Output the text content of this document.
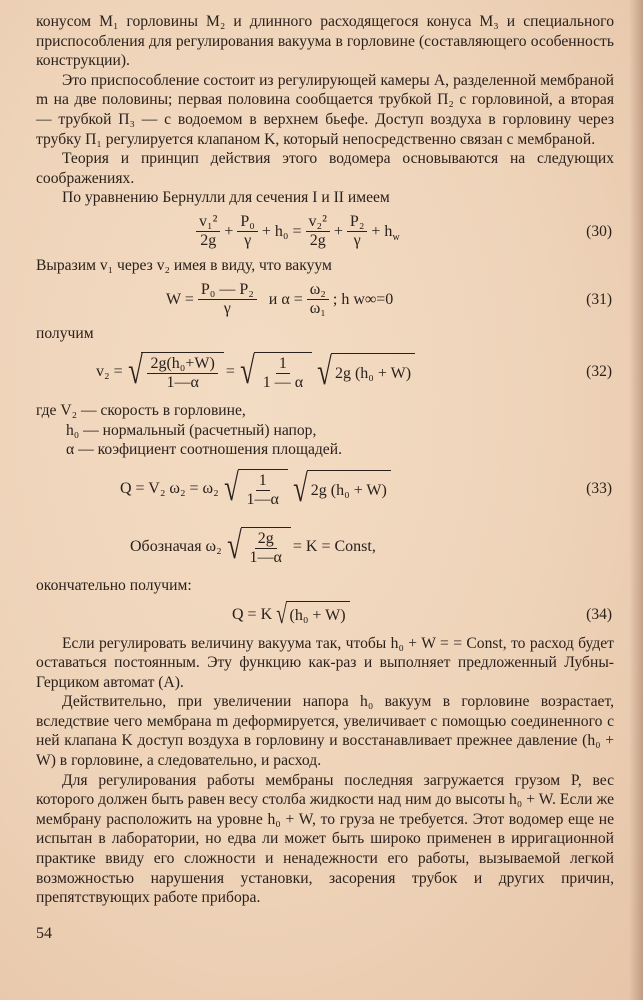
конусом M₁ горловины M₂ и длинного расходящегося конуса M₃ и специального приспособления для регулирования вакуума в горловине (составляющего особенность конструкции).

Это приспособление состоит из регулирующей камеры A, разделенной мембраной m на две половины; первая половина сообщается трубкой П₂ с горловиной, а вторая — трубкой П₃ — с водоемом в верхнем бьефе. Доступ воздуха в горловину через трубку П₁ регулируется клапаном K, который непосредственно связан с мембраной.

Теория и принцип действия этого водомера основываются на следующих соображениях.

По уравнению Бернулли для сечения I и II имеем

$\frac{\text{v₁²}}{2g} + \frac{\text{P₀}}{\gamma} + h_0 = \frac{\text{v₂²}}{2g} + \frac{\text{P₂}}{\gamma} + h_w$	(30)

Выразим v₁ через v₂ имея в виду, что вакуум

$W = \frac{\text{P₀ — P₂}}{\gamma}$ и $\alpha = \frac{\text{ω₂}}{\text{ω₁}}$ ; h w∞=0	(31)

получим

v₂ = √ $\frac{\text{2g(h₀+W)}}{1—\alpha}$ = √ $\frac{1}{1 — \alpha}$ √ 2g (h₀ + W)	(32)

где V₂ — скорость в горловине,

h₀ — нормальный (расчетный) напор,

α — коэфициент соотношения площадей.

Q = V₂ ω₂ = ω₂ √ $\frac{1}{1—\alpha}$ √ 2g (h₀ + W)	(33)
Обозначая ω₂ √ $\frac{2g}{1—\alpha} = K$ = Const,

окончательно получим:

Q = K √ (h₀ + W)	(34)

Если регулировать величину вакуума так, чтобы h₀ + W = = Const, то расход будет оставаться постоянным. Эту функцию как-раз и выполняет предложенный Лубны-Герциком автомат (A).

Действительно, при увеличении напора h₀ вакуум в горловине возрастает, вследствие чего мембрана m деформируется, увеличивает с помощью соединенного с ней клапана K доступ воздуха в горловину и восстанавливает прежнее давление (h₀ + W) в горловине, а следовательно, и расход.

Для регулирования работы мембраны последняя загружается грузом P, вес которого должен быть равен весу столба жидкости над ним до высоты h₀ + W. Если же мембрану расположить на уровне h₀ + W, то груза не требуется. Этот водомер еще не испытан в лаборатории, но едва ли может быть широко применен в ирригационной практике ввиду его сложности и ненадежности его работы, вызываемой легкой возможностью нарушения установки, засорения трубок и других причин, препятствующих работе прибора.

54
